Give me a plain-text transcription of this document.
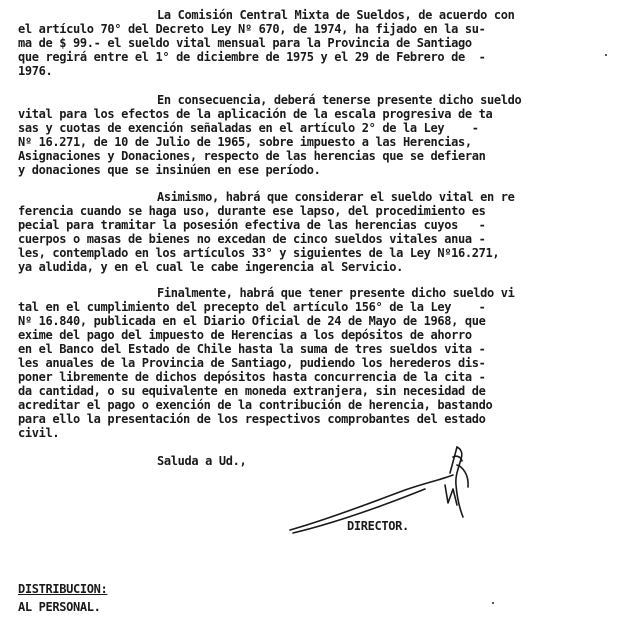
La Comisión Central Mixta de Sueldos, de acuerdo con
el artículo 70° del Decreto Ley Nº 670, de 1974, ha fijado en la su-
ma de $ 99.- el sueldo vital mensual para la Provincia de Santiago
que regirá entre el 1° de diciembre de 1975 y el 29 de Febrero de  -
1976.
En consecuencia, deberá tenerse presente dicho sueldo
vital para los efectos de la aplicación de la escala progresiva de ta
sas y cuotas de exención señaladas en el artículo 2° de la Ley    -
Nº 16.271, de 10 de Julio de 1965, sobre impuesto a las Herencias,
Asignaciones y Donaciones, respecto de las herencias que se defieran
y donaciones que se insinúen en ese período.
Asimismo, habrá que considerar el sueldo vital en re
ferencia cuando se haga uso, durante ese lapso, del procedimiento es
pecial para tramitar la posesión efectiva de las herencias cuyos   -
cuerpos o masas de bienes no excedan de cinco sueldos vitales anua -
les, contemplado en los artículos 33° y siguientes de la Ley Nº16.271,
ya aludida, y en el cual le cabe ingerencia al Servicio.
Finalmente, habrá que tener presente dicho sueldo vi
tal en el cumplimiento del precepto del artículo 156° de la Ley    -
Nº 16.840, publicada en el Diario Oficial de 24 de Mayo de 1968, que
exime del pago del impuesto de Herencias a los depósitos de ahorro
en el Banco del Estado de Chile hasta la suma de tres sueldos vita -
les anuales de la Provincia de Santiago, pudiendo los herederos dis-
poner libremente de dichos depósitos hasta concurrencia de la cita -
da cantidad, o su equivalente en moneda extranjera, sin necesidad de
acreditar el pago o exención de la contribución de herencia, bastando
para ello la presentación de los respectivos comprobantes del estado
civil.
Saluda a Ud.,
DIRECTOR.
DISTRIBUCION:
AL PERSONAL.
